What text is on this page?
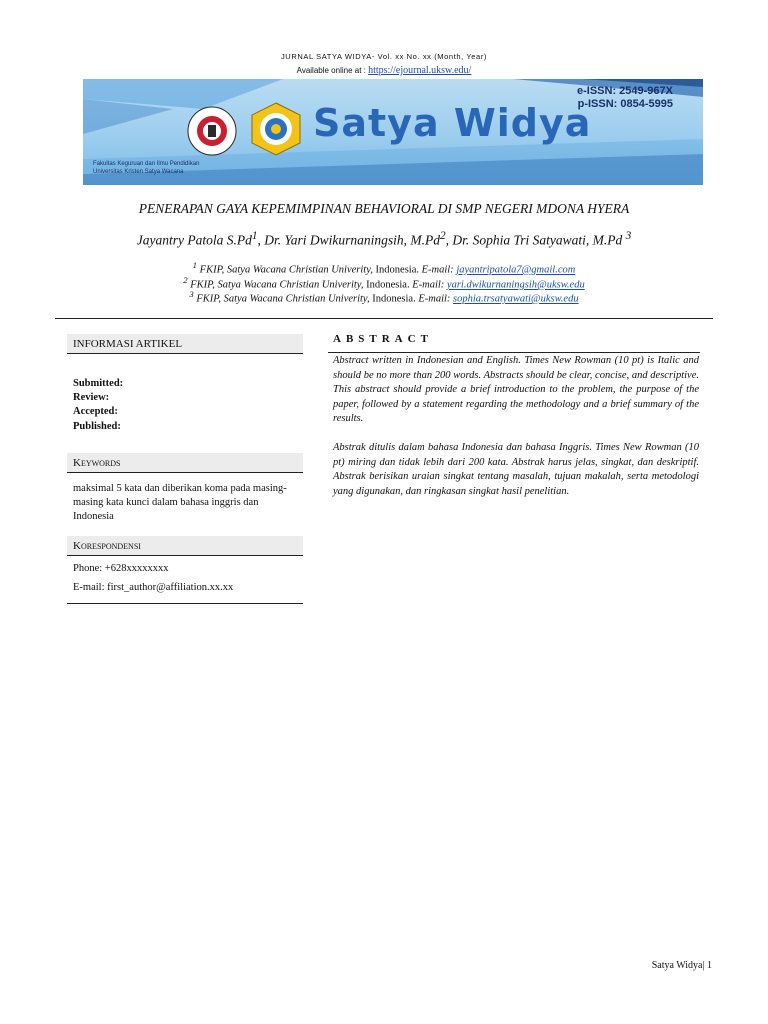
JURNAL SATYA WIDYA- Vol. xx No. xx (Month, Year)
Available online at : https://ejournal.uksw.edu/
Satya Widya
e-ISSN: 2549-967X
p-ISSN: 0854-5995
Fakultas Keguruan dan Ilmu Pendidikan
Universitas Kristen Satya Wacana
PENERAPAN GAYA KEPEMIMPINAN BEHAVIORAL DI SMP NEGERI MDONA HYERA
Jayantry Patola S.Pd$^1$, Dr. Yari Dwikurnaningsih, M.Pd$^2$, Dr. Sophia Tri Satyawati, M.Pd $^3$
$^1$ FKIP, Satya Wacana Christian Univerity, Indonesia. E-mail: jayantripatola7@gmail.com
$^2$ FKIP, Satya Wacana Christian Univerity, Indonesia. E-mail: yari.dwikurnaningsih@uksw.edu
$^3$ FKIP, Satya Wacana Christian Univerity, Indonesia. E-mail: sophia.trsatyawati@uksw.edu
INFORMASI ARTIKEL
Submitted:
Review:
Accepted:
Published:
Keywords
maksimal 5 kata dan diberikan koma pada masing-masing kata kunci dalam bahasa inggris dan Indonesia
Korespondensi
Phone: +628xxxxxxxx
E-mail: first_author@affiliation.xx.xx
ABSTRACT
Abstract written in Indonesian and English. Times New Rowman (10 pt) is Italic and should be no more than 200 words. Abstracts should be clear, concise, and descriptive. This abstract should provide a brief introduction to the problem, the purpose of the paper, followed by a statement regarding the methodology and a brief summary of the results.
Abstrak ditulis dalam bahasa Indonesia dan bahasa Inggris. Times New Rowman (10 pt) miring dan tidak lebih dari 200 kata. Abstrak harus jelas, singkat, dan deskriptif. Abstrak berisikan uraian singkat tentang masalah, tujuan makalah, serta metodologi yang digunakan, dan ringkasan singkat hasil penelitian.
Satya Widya| 1
